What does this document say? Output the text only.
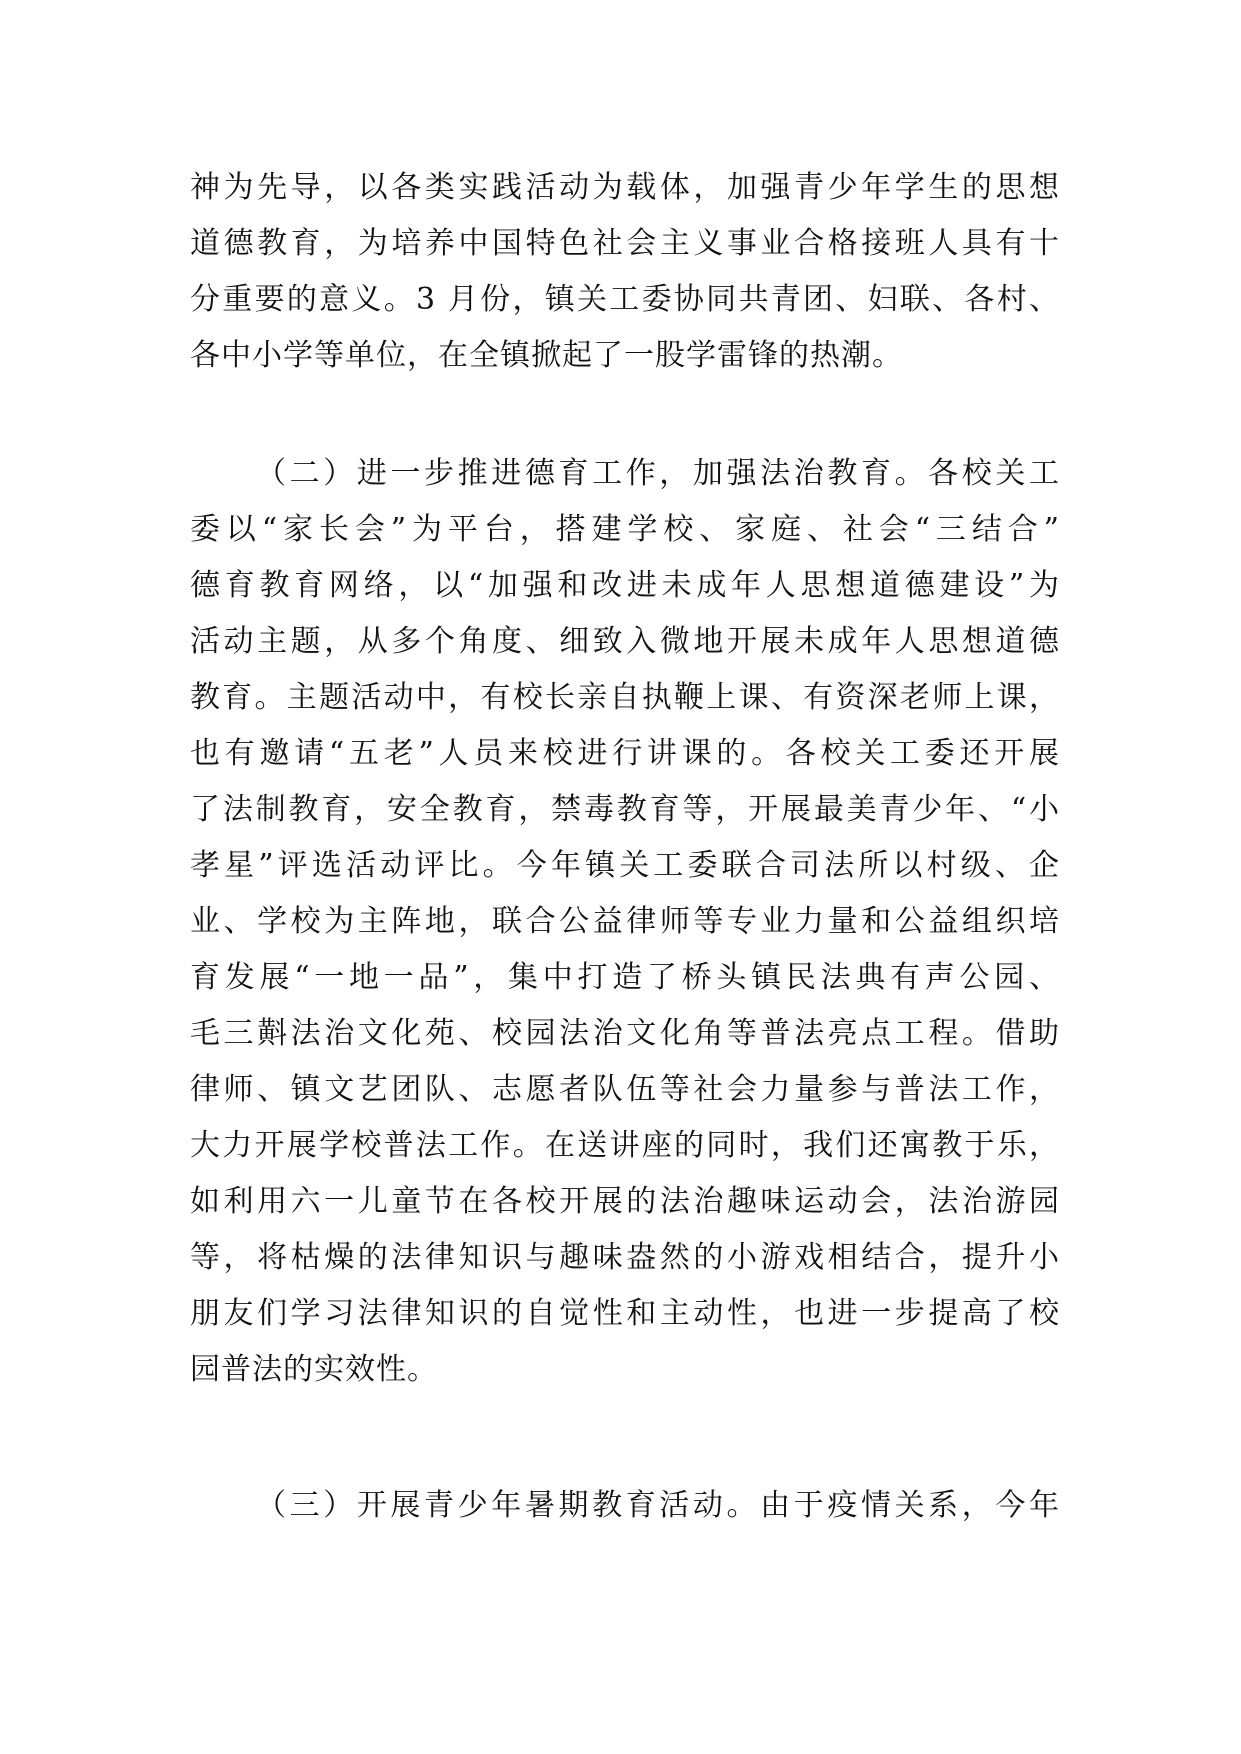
神为先导，以各类实践活动为载体，加强青少年学生的思想
道德教育，为培养中国特色社会主义事业合格接班人具有十
分重要的意义。3 月份，镇关工委协同共青团、妇联、各村、
各中小学等单位，在全镇掀起了一股学雷锋的热潮。
（二）进一步推进德育工作，加强法治教育。各校关工
委以“家长会”为平台，搭建学校、家庭、社会“三结合”
德育教育网络，以“加强和改进未成年人思想道德建设”为
活动主题，从多个角度、细致入微地开展未成年人思想道德
教育。主题活动中，有校长亲自执鞭上课、有资深老师上课，
也有邀请“五老”人员来校进行讲课的。各校关工委还开展
了法制教育，安全教育，禁毒教育等，开展最美青少年、“小
孝星”评选活动评比。今年镇关工委联合司法所以村级、企
业、学校为主阵地，联合公益律师等专业力量和公益组织培
育发展“一地一品”，集中打造了桥头镇民法典有声公园、
毛三斢法治文化苑、校园法治文化角等普法亮点工程。借助
律师、镇文艺团队、志愿者队伍等社会力量参与普法工作，
大力开展学校普法工作。在送讲座的同时，我们还寓教于乐，
如利用六一儿童节在各校开展的法治趣味运动会，法治游园
等，将枯燥的法律知识与趣味盎然的小游戏相结合，提升小
朋友们学习法律知识的自觉性和主动性，也进一步提高了校
园普法的实效性。
（三）开展青少年暑期教育活动。由于疫情关系，今年
